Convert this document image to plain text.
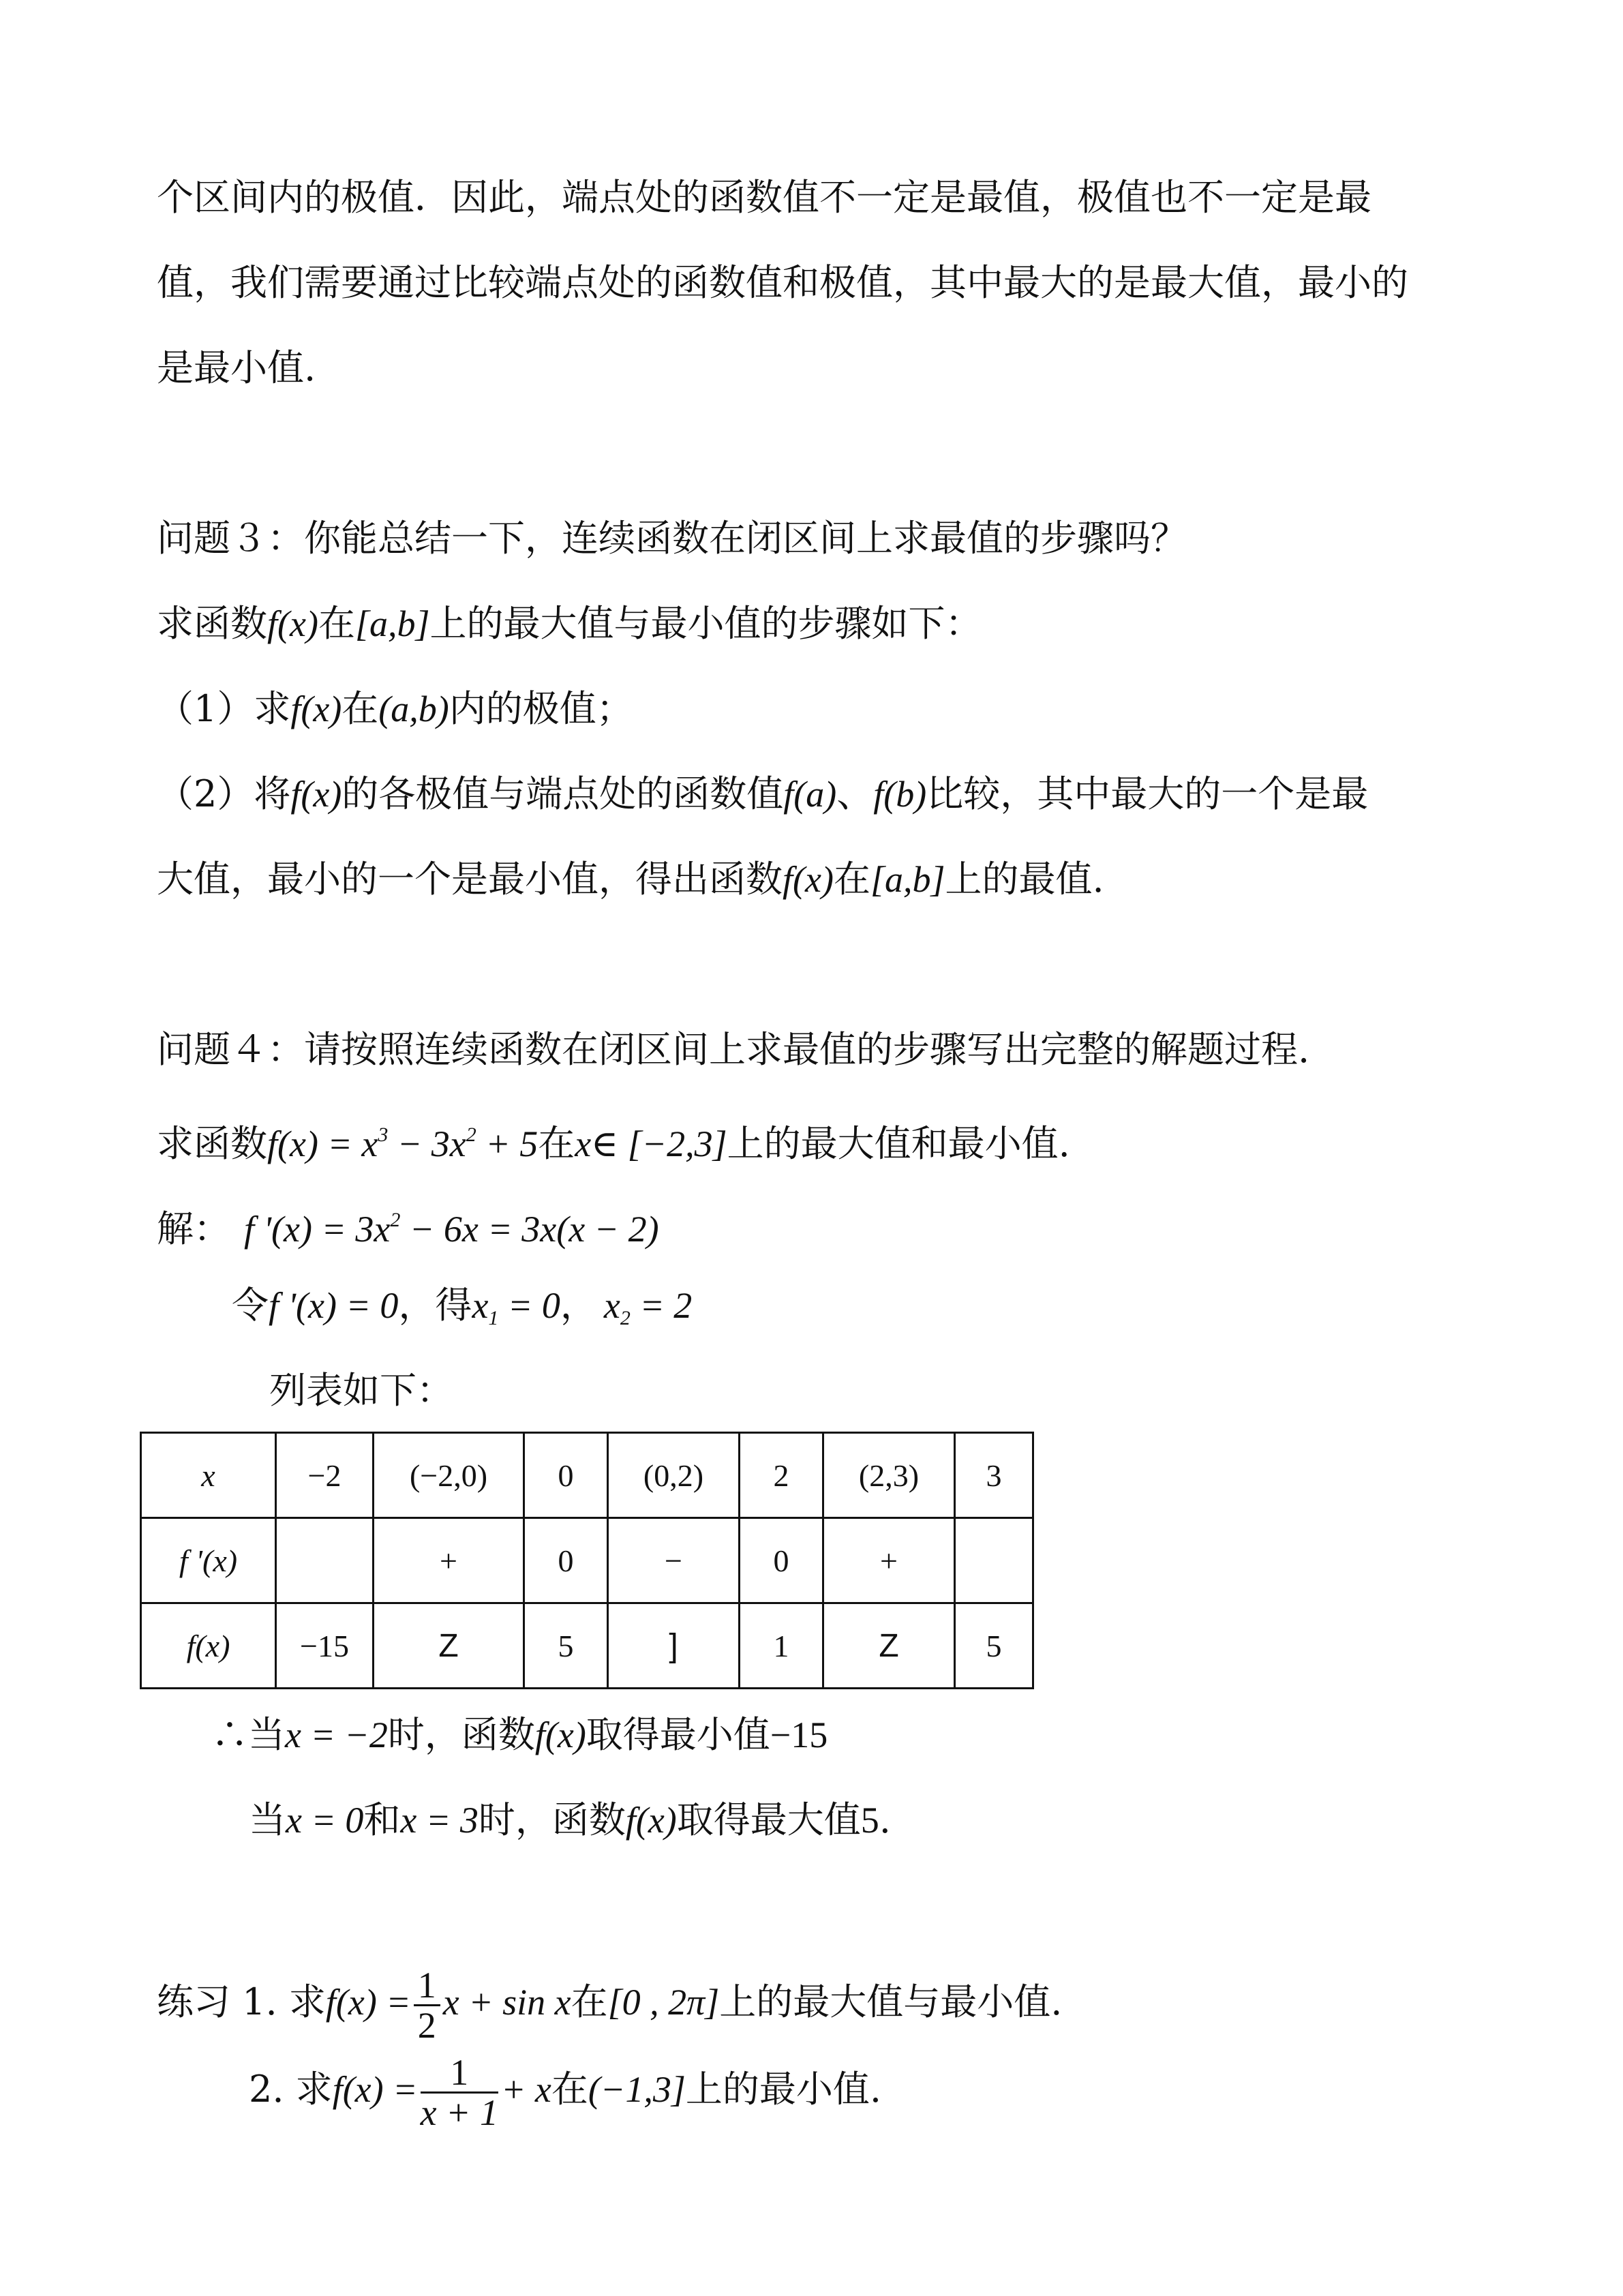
个区间内的极值．因此，端点处的函数值不一定是最值，极值也不一定是最
值，我们需要通过比较端点处的函数值和极值，其中最大的是最大值，最小的
是最小值.
问题３：你能总结一下，连续函数在闭区间上求最值的步骤吗？
求函数f(x)在[a,b]上的最大值与最小值的步骤如下：
（1）求f(x)在(a,b)内的极值；
（2）将f(x)的各极值与端点处的函数值f(a)、f(b)比较，其中最大的一个是最
大值，最小的一个是最小值，得出函数f(x)在[a,b]上的最值.
问题４：请按照连续函数在闭区间上求最值的步骤写出完整的解题过程.
求函数$f(x) = x^3 - 3x^2 + 5$在x∈ [−2,3]上的最大值和最小值.
解： f '$(x) = 3x^2 - 6x = 3x(x - 2)$
令f '(x) = 0，得$x_1 = 0$， $x_2 = 2$
列表如下：
x	−2	(−2,0)	0	(0,2)	2	(2,3)	3
f '(x)		+	0	−	0	+	
f(x)	−15	Z	5	]	1	Z	5
∴当x = −2时，函数f(x)取得最小值−15
当x = 0和x = 3时，函数f(x)取得最大值5.
练习 1. 求$f(x) = \frac{1}{2}$ x + sin x在[0 , 2π]上的最大值与最小值.
2. 求$f(x) = \frac{1}{x + 1} + x$在(−1,3]上的最小值.
